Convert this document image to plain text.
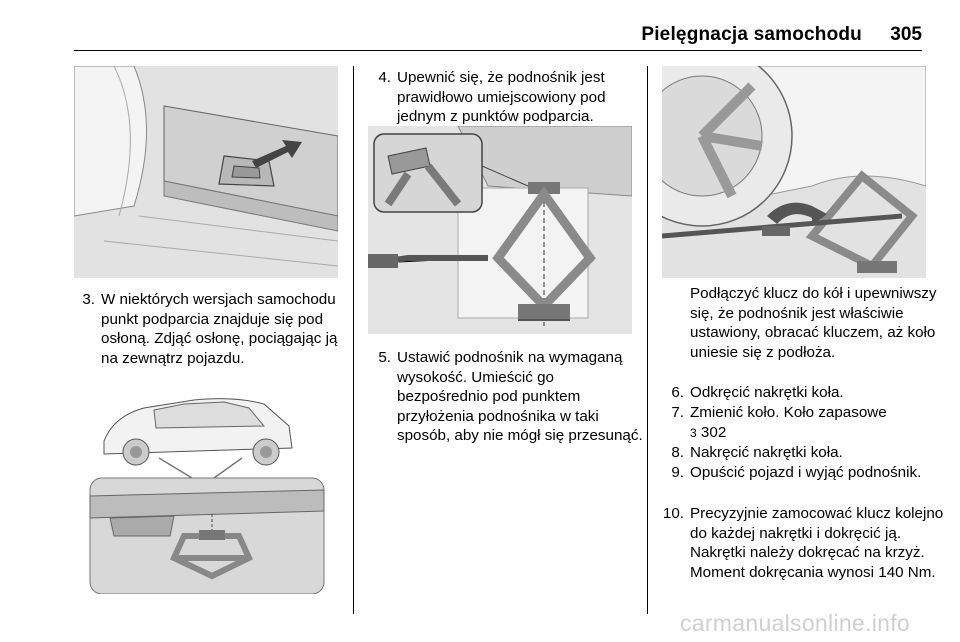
Pielęgnacja samochodu 305
3. W niektórych wersjach samochodu punkt podparcia znajduje się pod osłoną. Zdjąć osłonę, pociągając ją na zewnątrz pojazdu.
4. Upewnić się, że podnośnik jest prawidłowo umiejscowiony pod jednym z punktów podparcia.
5. Ustawić podnośnik na wymaganą wysokość. Umieścić go bezpośrednio pod punktem przyłożenia podnośnika w taki sposób, aby nie mógł się przesunąć.
Podłączyć klucz do kół i upewniwszy się, że podnośnik jest właściwie ustawiony, obracać kluczem, aż koło uniesie się z podłoża.
6. Odkręcić nakrętki koła.
7. Zmienić koło. Koło zapasowe
3 302
8. Nakręcić nakrętki koła.
9. Opuścić pojazd i wyjąć podnośnik.
10. Precyzyjnie zamocować klucz kolejno do każdej nakrętki i dokręcić ją. Nakrętki należy dokręcać na krzyż. Moment dokręcania wynosi 140 Nm.
carmanualsonline.info
